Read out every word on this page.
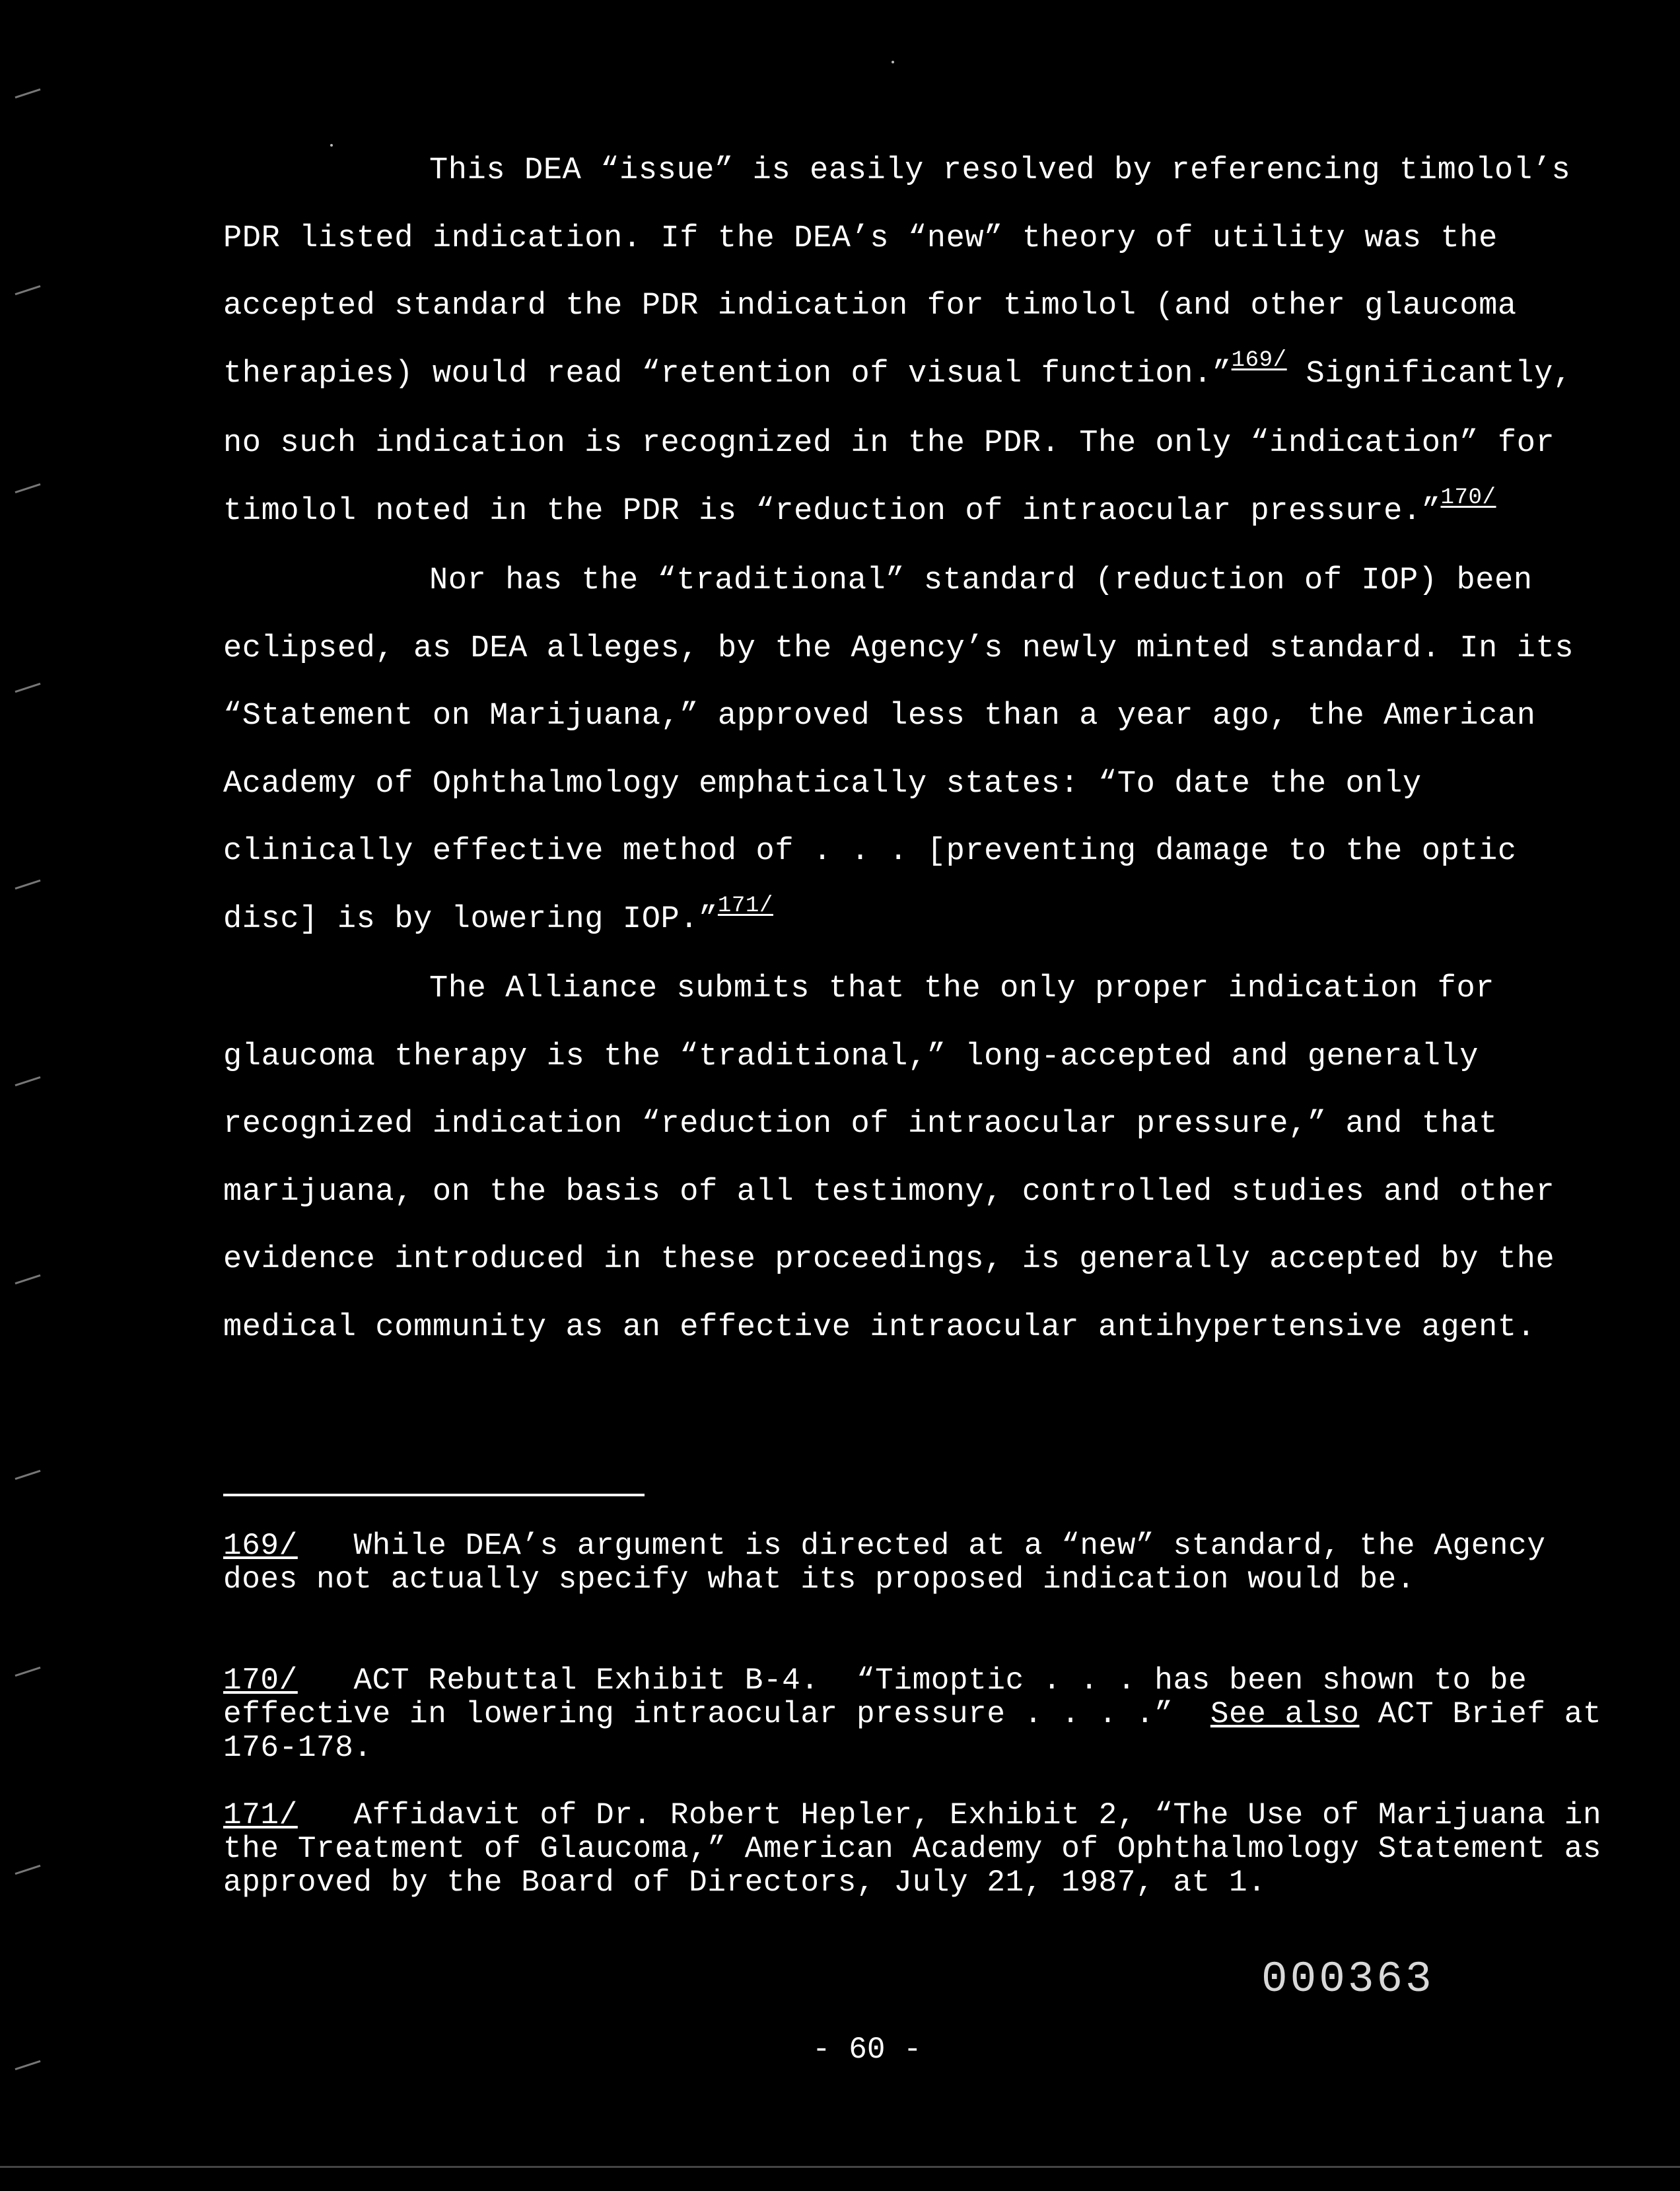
This DEA “issue” is easily resolved by referencing timolol’s PDR listed indication. If the DEA’s “new” theory of utility was the accepted standard the PDR indication for timolol (and other glaucoma therapies) would read “retention of visual function.”$^{169/}$ Significantly, no such indication is recognized in the PDR. The only “indication” for timolol noted in the PDR is “reduction of intraocular pressure.”$^{170/}$

Nor has the “traditional” standard (reduction of IOP) been eclipsed, as DEA alleges, by the Agency’s newly minted standard. In its “Statement on Marijuana,” approved less than a year ago, the American Academy of Ophthalmology emphatically states: “To date the only clinically effective method of . . . [preventing damage to the optic disc] is by lowering IOP.”$^{171/}$

The Alliance submits that the only proper indication for glaucoma therapy is the “traditional,” long-accepted and generally recognized indication “reduction of intraocular pressure,” and that marijuana, on the basis of all testimony, controlled studies and other evidence introduced in these proceedings, is generally accepted by the medical community as an effective intraocular antihypertensive agent.

169/ While DEA’s argument is directed at a “new” standard, the Agency does not actually specify what its proposed indication would be.

170/ ACT Rebuttal Exhibit B-4.  “Timoptic . . . has been shown to be effective in lowering intraocular pressure . . . .”  See also ACT Brief at 176-178.

171/ Affidavit of Dr. Robert Hepler, Exhibit 2, “The Use of Marijuana in the Treatment of Glaucoma,” American Academy of Ophthalmology Statement as approved by the Board of Directors, July 21, 1987, at 1.

000363
- 60 -
